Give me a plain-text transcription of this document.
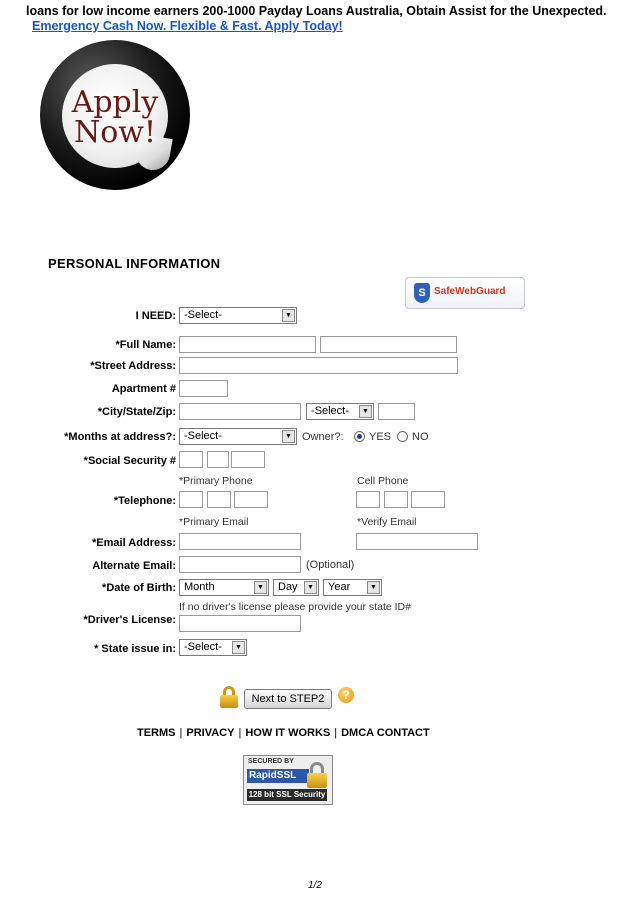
loans for low income earners 200-1000 Payday Loans Australia, Obtain Assist for the Unexpected.
Emergency Cash Now. Flexible & Fast. Apply Today!
Apply
Now!
PERSONAL INFORMATION
S SafeWebGuard
I NEED: -Select-	▼
*Full Name:
*Street Address:
Apartment #
*City/State/Zip:	-Select-	▼
*Months at address?: -Select-	▼ Owner?: YES NO
*Social Security #
*Primary Phone	Cell Phone
*Telephone:
*Primary Email	*Verify Email
*Email Address:
Alternate Email:	(Optional)
*Date of Birth: Month	▼	Day	▼	Year	▼
If no driver's license please provide your state ID#
*Driver's License:
* State issue in: -Select-	▼
Next to STEP2	?
TERMS | PRIVACY | HOW IT WORKS | DMCA CONTACT
SECURED BY
RapidSSL
128 bit SSL Security
1/2
